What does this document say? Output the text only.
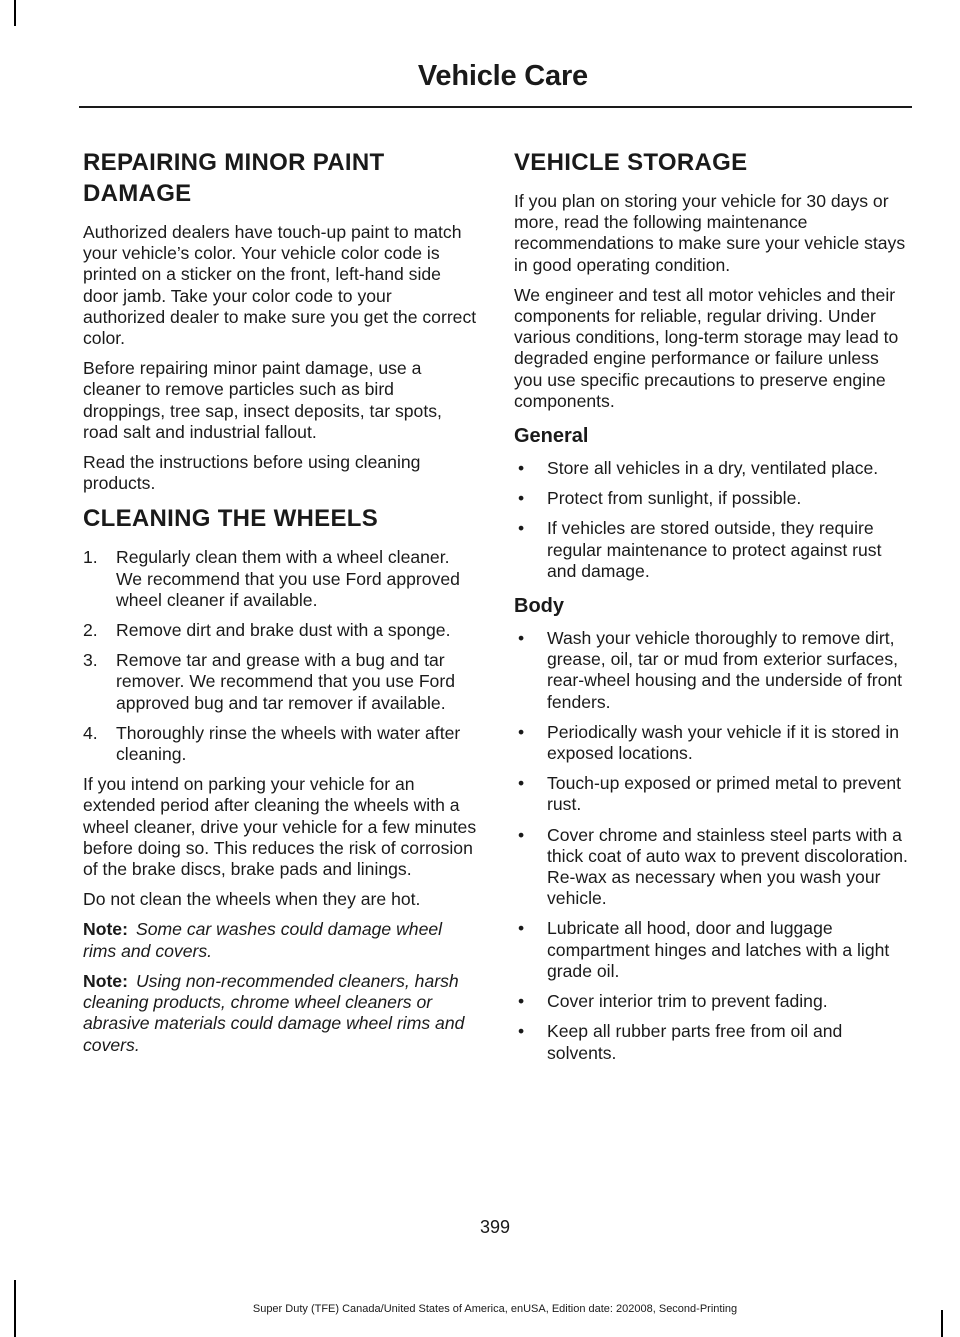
Vehicle Care
REPAIRING MINOR PAINT
DAMAGE

Authorized dealers have touch-up paint to match your vehicle’s color. Your vehicle color code is printed on a sticker on the front, left-hand side door jamb. Take your color code to your authorized dealer to make sure you get the correct color.

Before repairing minor paint damage, use a cleaner to remove particles such as bird droppings, tree sap, insect deposits, tar spots, road salt and industrial fallout.

Read the instructions before using cleaning products.

CLEANING THE WHEELS
1. Regularly clean them with a wheel cleaner. We recommend that you use Ford approved wheel cleaner if available.
2. Remove dirt and brake dust with a sponge.
3. Remove tar and grease with a bug and tar remover. We recommend that you use Ford approved bug and tar remover if available.
4. Thoroughly rinse the wheels with water after cleaning.

If you intend on parking your vehicle for an extended period after cleaning the wheels with a wheel cleaner, drive your vehicle for a few minutes before doing so. This reduces the risk of corrosion of the brake discs, brake pads and linings.

Do not clean the wheels when they are hot.

Note: Some car washes could damage wheel rims and covers.

Note: Using non-recommended cleaners, harsh cleaning products, chrome wheel cleaners or abrasive materials could damage wheel rims and covers.

VEHICLE STORAGE

If you plan on storing your vehicle for 30 days or more, read the following maintenance recommendations to make sure your vehicle stays in good operating condition.

We engineer and test all motor vehicles and their components for reliable, regular driving. Under various conditions, long-term storage may lead to degraded engine performance or failure unless you use specific precautions to preserve engine components.

General
• Store all vehicles in a dry, ventilated place.
• Protect from sunlight, if possible.
• If vehicles are stored outside, they require regular maintenance to protect against rust and damage.
Body
• Wash your vehicle thoroughly to remove dirt, grease, oil, tar or mud from exterior surfaces, rear-wheel housing and the underside of front fenders.
• Periodically wash your vehicle if it is stored in exposed locations.
• Touch-up exposed or primed metal to prevent rust.
• Cover chrome and stainless steel parts with a thick coat of auto wax to prevent discoloration. Re-wax as necessary when you wash your vehicle.
• Lubricate all hood, door and luggage compartment hinges and latches with a light grade oil.
• Cover interior trim to prevent fading.
• Keep all rubber parts free from oil and solvents.
399
Super Duty (TFE) Canada/United States of America, enUSA, Edition date: 202008, Second-Printing
